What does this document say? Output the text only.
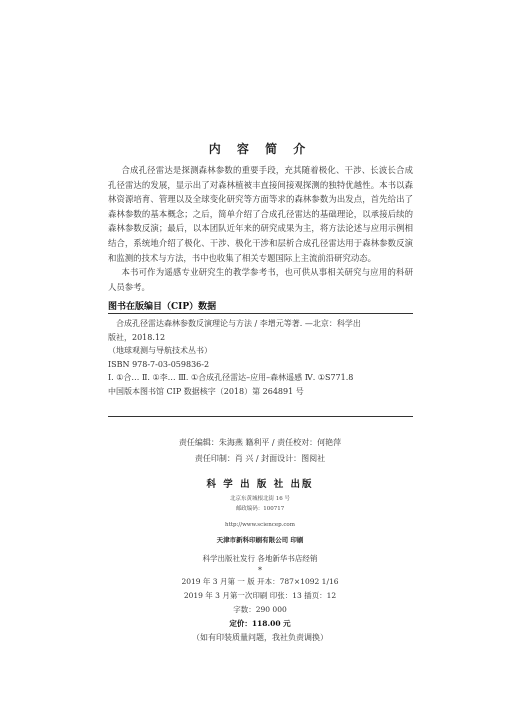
内 容 简 介

合成孔径雷达是探测森林参数的重要手段，充其随着极化、干涉、长波长合成孔径雷达的发展，显示出了对森林植被丰直接间接观探测的独特优越性。本书以森林资源培育、管理以及全球变化研究等方面等求的森林参数为出发点，首先给出了森林参数的基本概念；之后，简单介绍了合成孔径雷达的基础理论，以承接后续的森林参数反演；最后，以本团队近年来的研究成果为主，将方法论述与应用示例相结合，系统地介绍了极化、干涉、极化干涉和层析合成孔径雷达用于森林参数反演和监测的技术与方法，书中也收集了相关专题国际上主流前沿研究动态。

本书可作为遥感专业研究生的教学参考书，也可供从事相关研究与应用的科研人员参考。

图书在版编目（CIP）数据
合成孔径雷达森林参数反演理论与方法 / 李增元等著. —北京：科学出
版社，2018.12
（地球观测与导航技术丛书）
ISBN 978-7-03-059836-2
Ⅰ. ①合… Ⅱ. ①李… Ⅲ. ①合成孔径雷达–应用–森林遥感 Ⅳ. ①S771.8
中国版本图书馆 CIP 数据核字（2018）第 264891 号
责任编辑：朱海燕 籍利平 / 责任校对：何艳萍
责任印制：肖 兴 / 封面设计：图阅社
科 学 出 版 社 出版
北京东黄城根北街 16 号
邮政编码：100717
http://www.sciencep.com
天津市新科印刷有限公司 印刷
科学出版社发行 各地新华书店经销
*
2019 年 3 月第 一 版 开本：787×1092 1/16
2019 年 3 月第一次印刷 印张：13 插页：12
字数：290 000
定价：118.00 元
（如有印装质量问题，我社负责调换）
